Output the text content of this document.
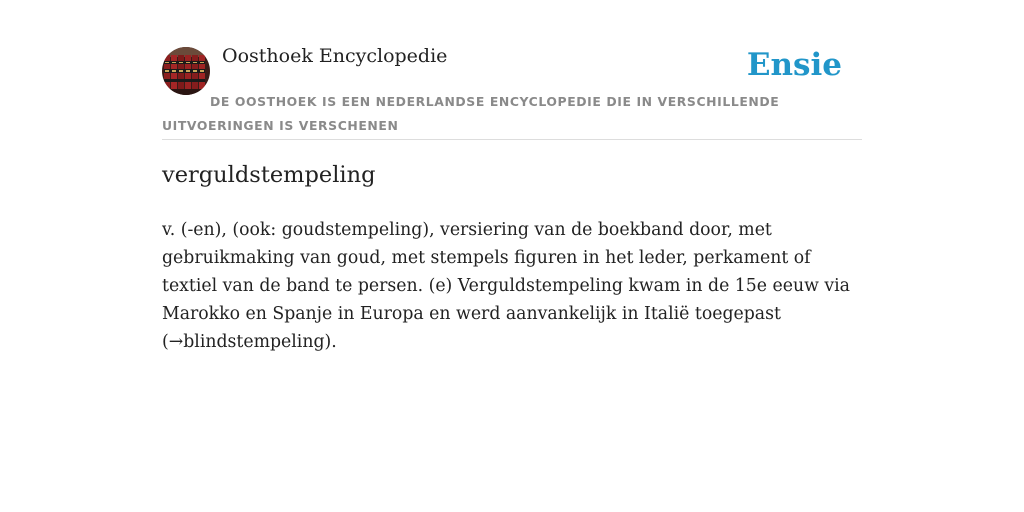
Oosthoek Encyclopedie	Ensie

DE OOSTHOEK IS EEN NEDERLANDSE ENCYCLOPEDIE DIE IN VERSCHILLENDE UITVOERINGEN IS VERSCHENEN

verguldstempeling

v. (-en), (ook: goudstempeling), versiering van de boekband door, met gebruikmaking van goud, met stempels figuren in het leder, perkament of textiel van de band te persen. (e) Verguldstempeling kwam in de 15e eeuw via Marokko en Spanje in Europa en werd aanvankelijk in Italië toegepast (→blindstempeling).
